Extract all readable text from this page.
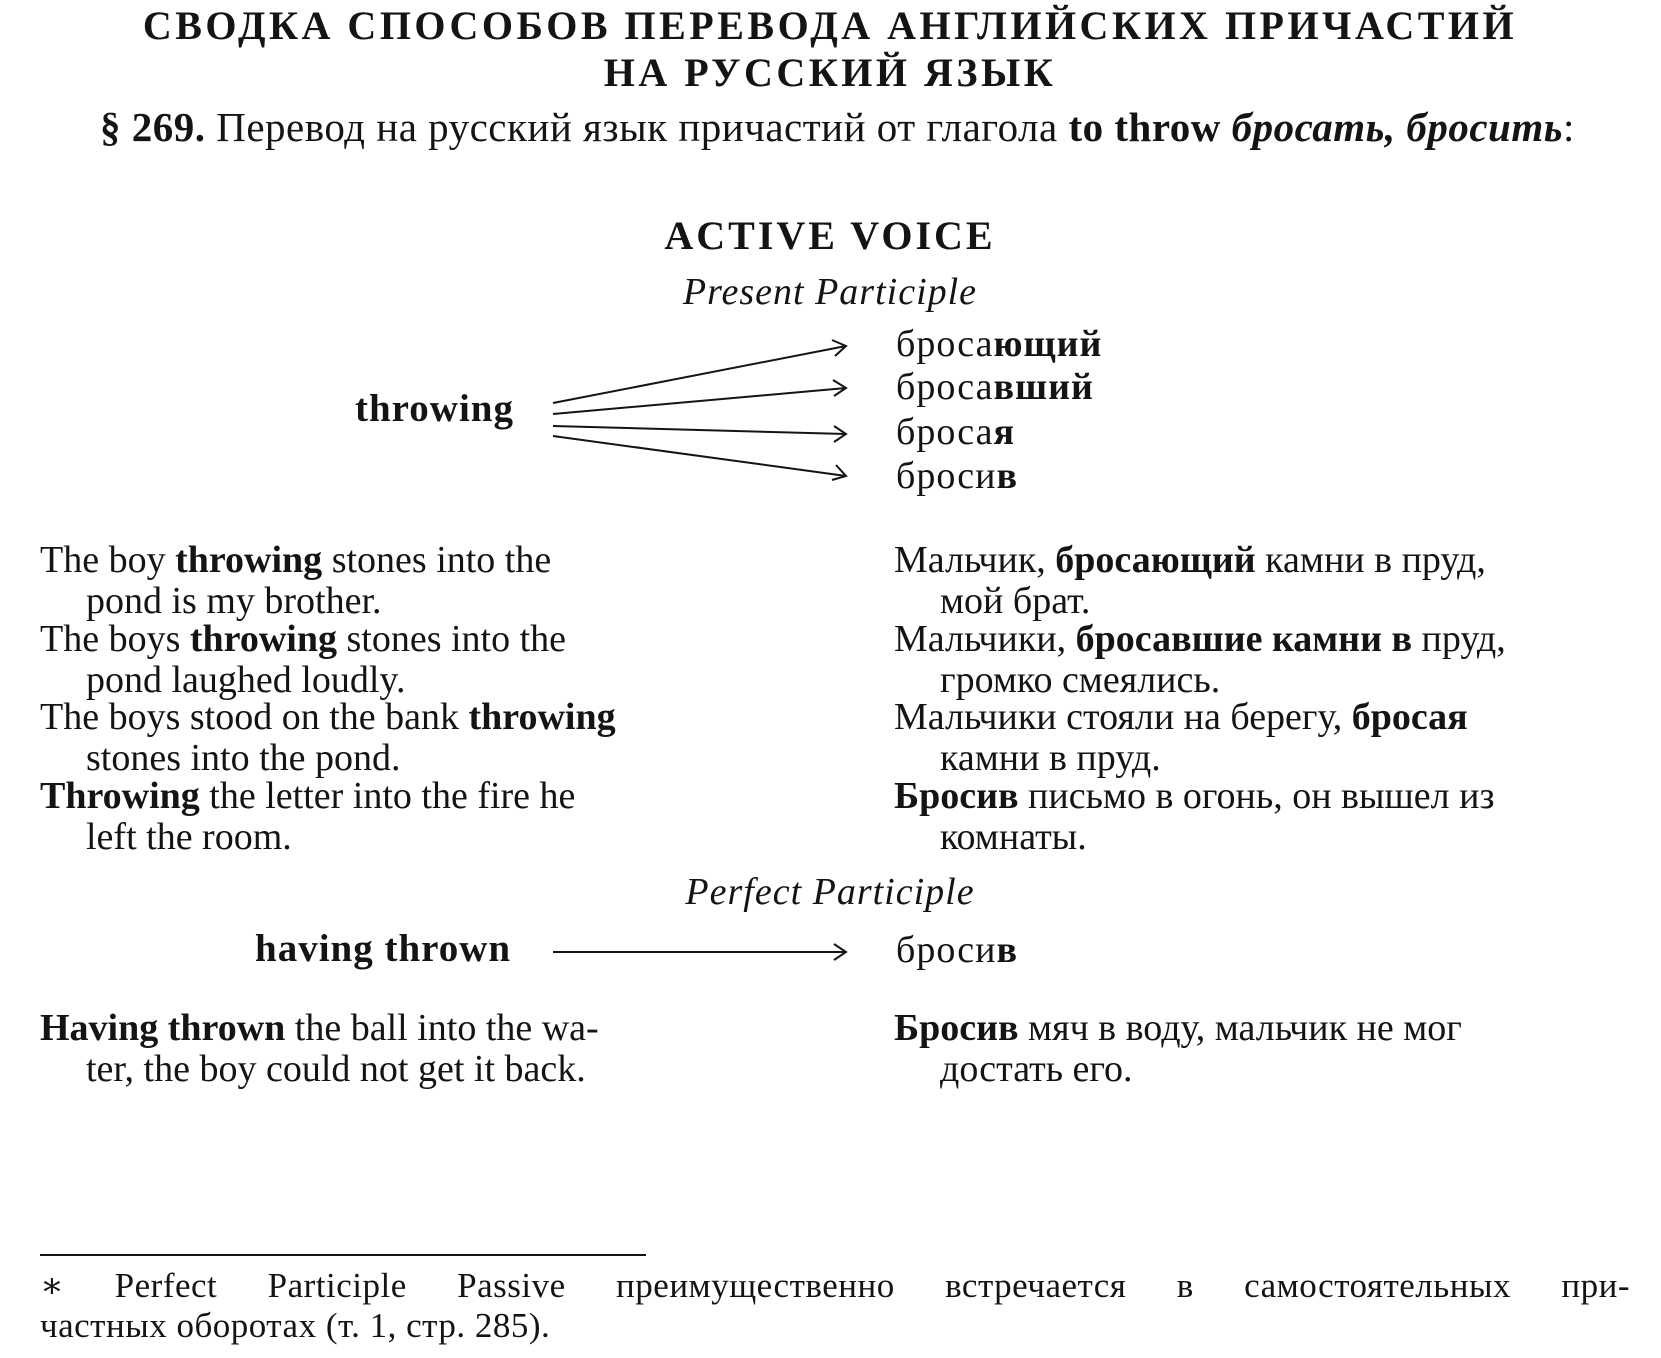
СВОДКА СПОСОБОВ ПЕРЕВОДА АНГЛИЙСКИХ ПРИЧАСТИЙ
НА РУССКИЙ ЯЗЫК
§ 269. Перевод на русский язык причастий от глагола to throw бросать, бросить:
ACTIVE VOICE
Present Participle
throwing
бросающий
бросавший
бросая
бросив
The boy throwing stones into the
pond is my brother.
Мальчик, бросающий камни в пруд,
мой брат.
The boys throwing stones into the
pond laughed loudly.
Мальчики, бросавшие камни в пруд,
громко смеялись.
The boys stood on the bank throwing
stones into the pond.
Мальчики стояли на берегу, бросая
камни в пруд.
Throwing the letter into the fire he
left the room.
Бросив письмо в огонь, он вышел из
комнаты.
Perfect Participle
having thrown	бросив
Having thrown the ball into the wa-
ter, the boy could not get it back.
Бросив мяч в воду, мальчик не мог
достать его.
∗ Perfect Participle Passive преимущественно встречается в самостоятельных при-
частных оборотах (т. 1, стр. 285).
